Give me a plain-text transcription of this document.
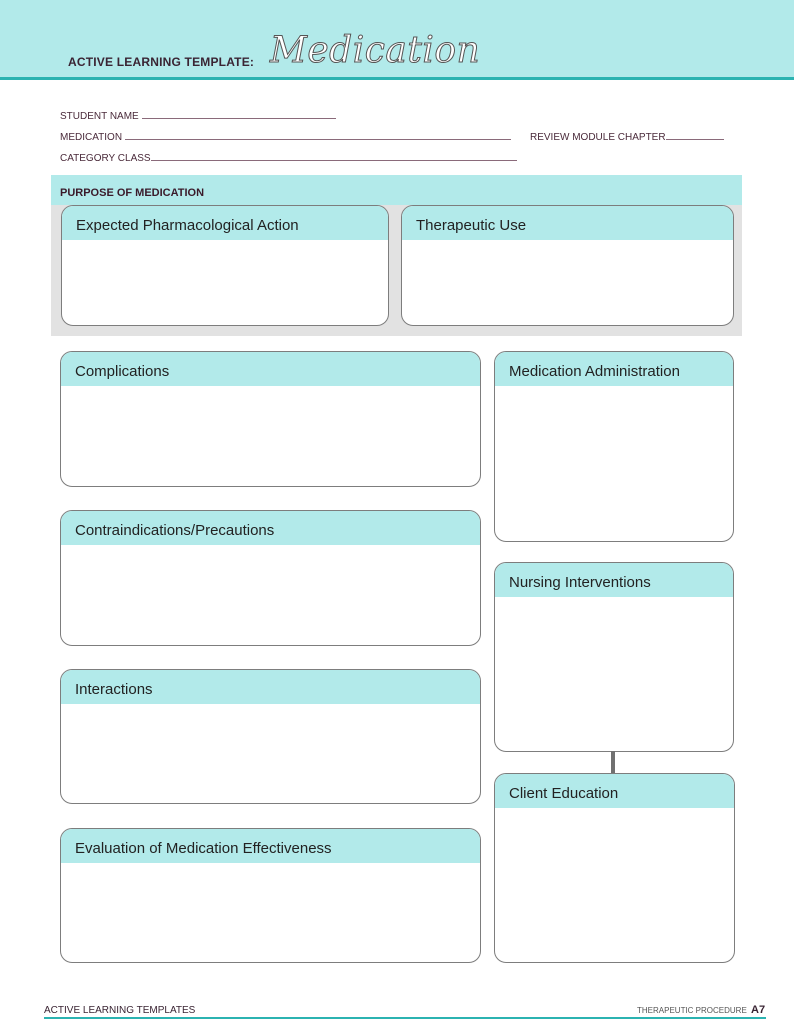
ACTIVE LEARNING TEMPLATE: Medication
STUDENT NAME
MEDICATION	REVIEW MODULE CHAPTER
CATEGORY CLASS
PURPOSE OF MEDICATION
Expected Pharmacological Action	Therapeutic Use
Complications
Contraindications/Precautions
Interactions
Evaluation of Medication Effectiveness
Medication Administration
Nursing Interventions
Client Education
ACTIVE LEARNING TEMPLATES	THERAPEUTIC PROCEDURE A7
